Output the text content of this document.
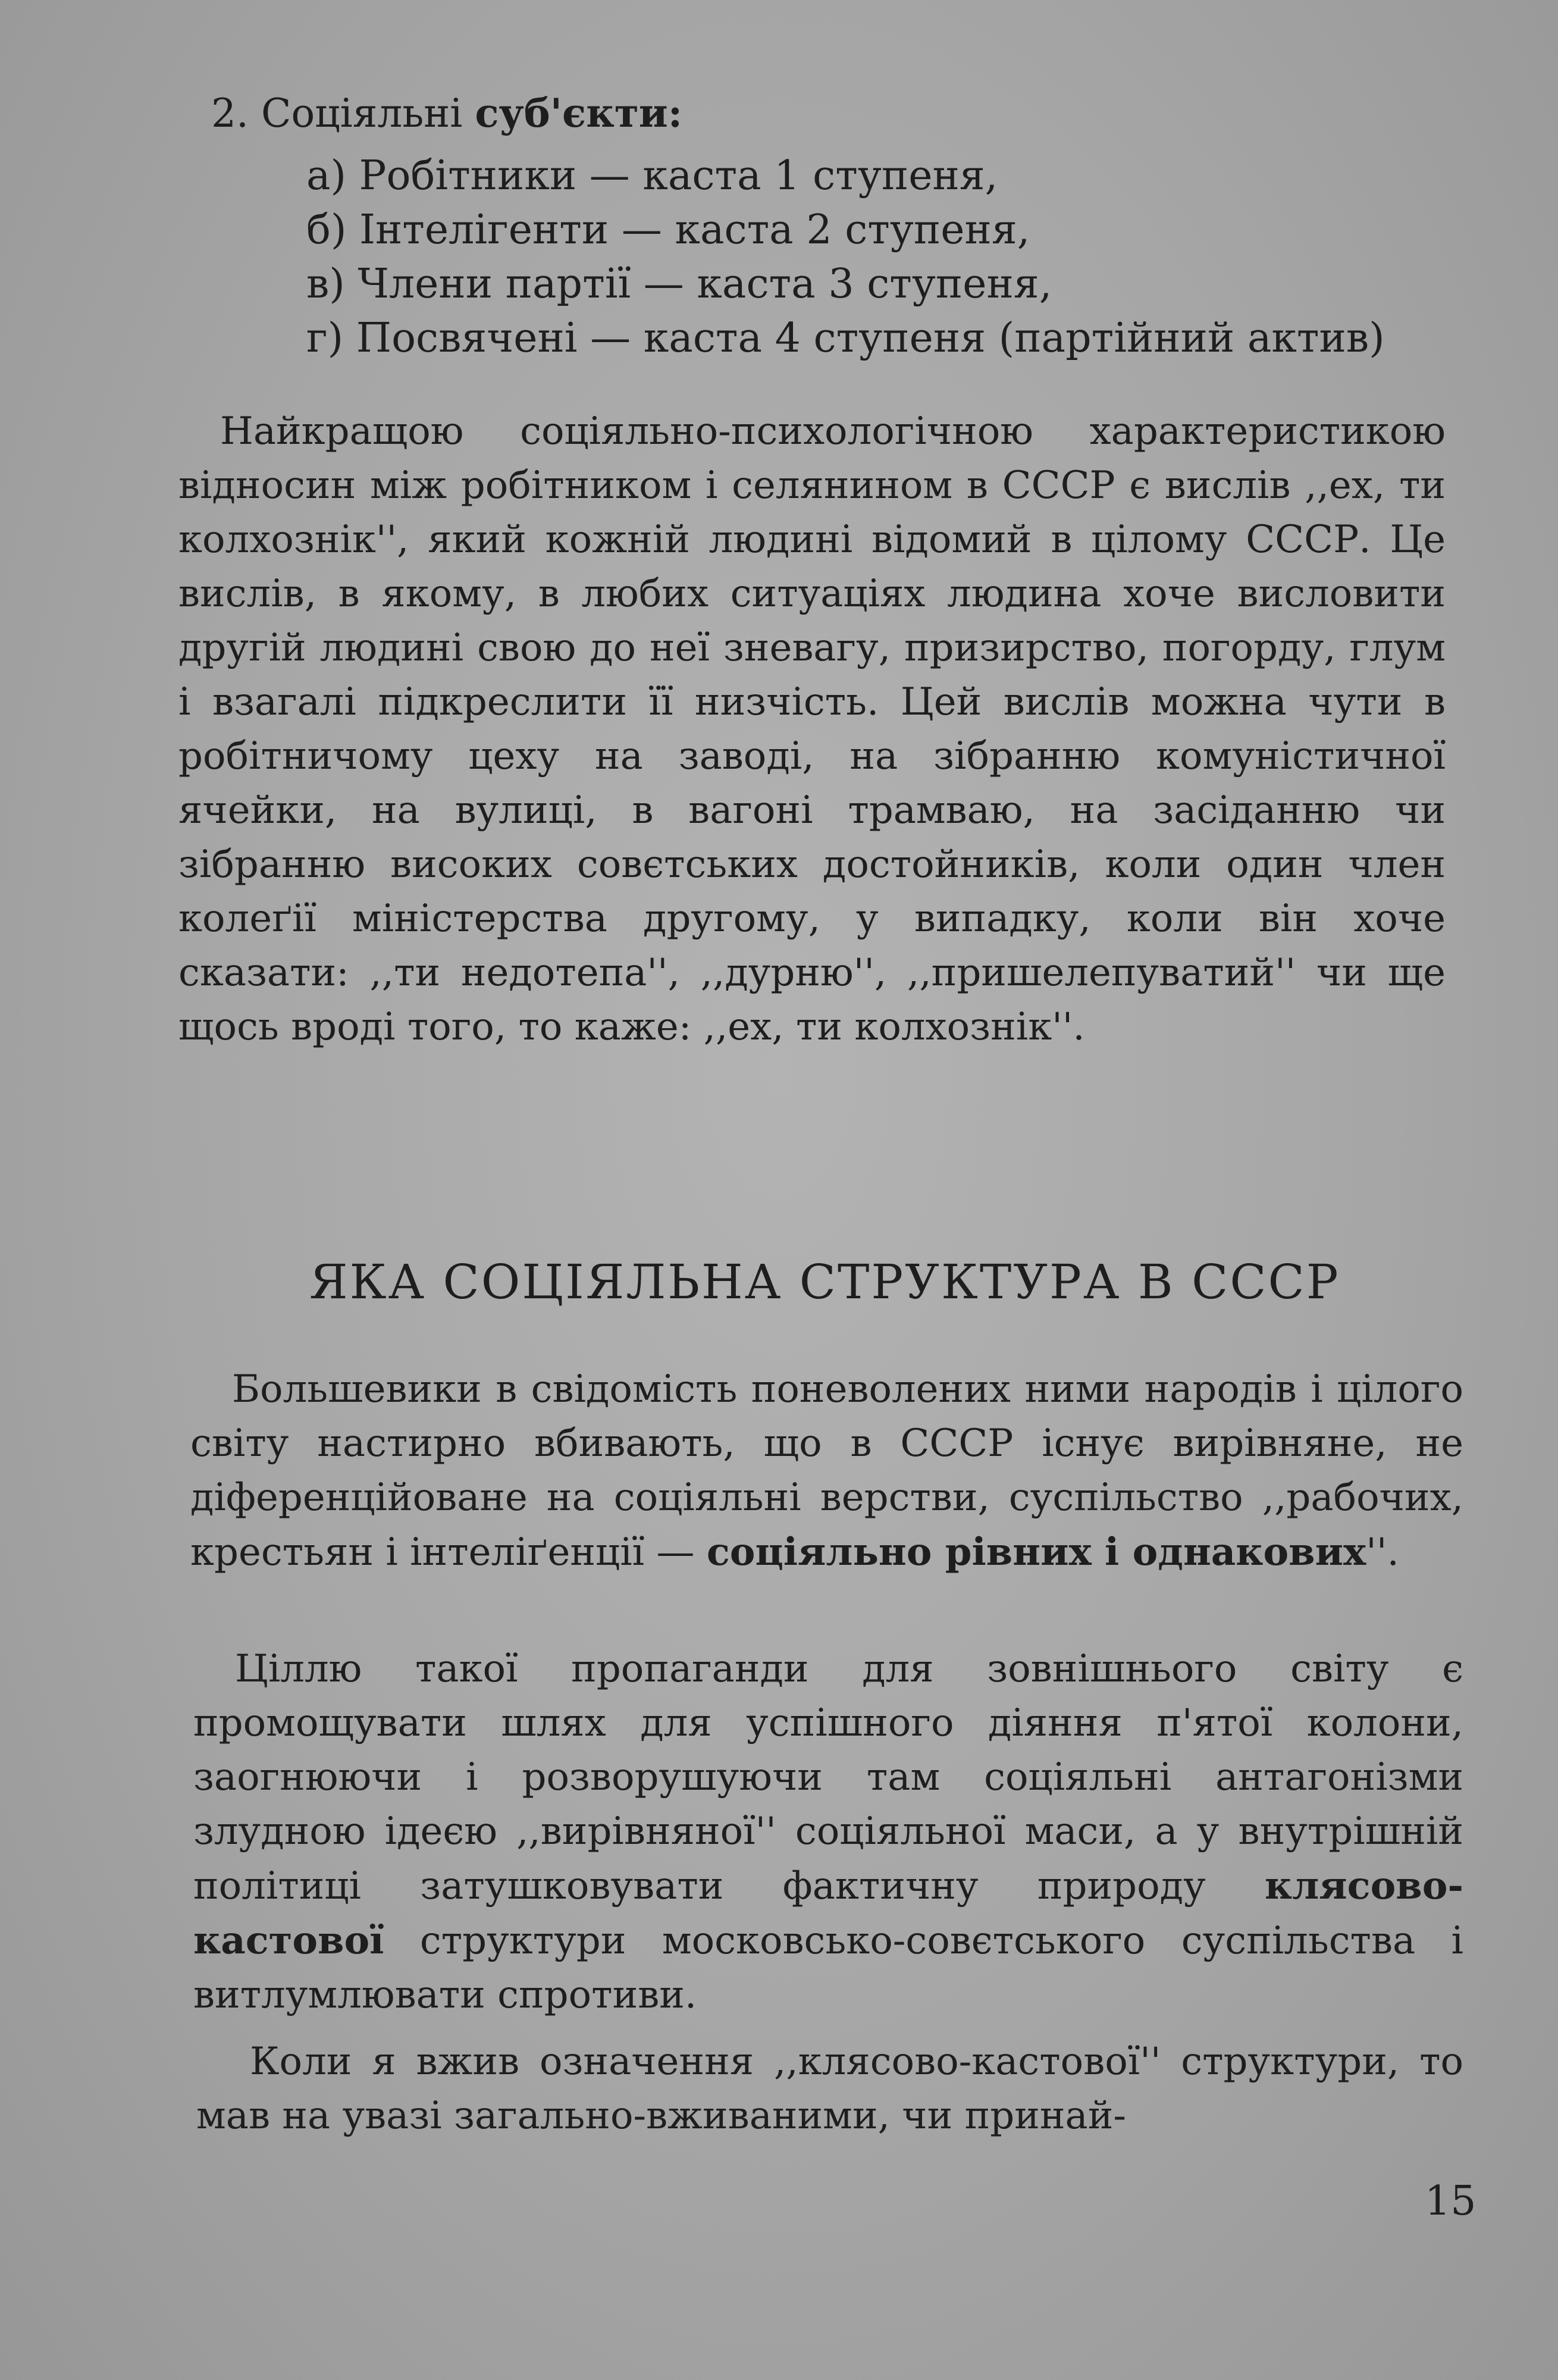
2. Соціяльні суб'єкти:
а) Робітники — каста 1 ступеня,
б) Інтелігенти — каста 2 ступеня,
в) Члени партії — каста 3 ступеня,
г) Посвячені — каста 4 ступеня (партійний актив)
Найкращою соціяльно-психологічною характеристикою відносин між робітником і селянином в СССР є вислів ,,ех, ти колхознік'', який кожній людині відомий в цілому СССР. Це вислів, в якому, в любих ситуаціях людина хоче висловити другій людині свою до неї зневагу, призирство, погорду, глум і взагалі підкреслити її низчість. Цей вислів можна чути в робітничому цеху на заводі, на зібранню комуністичної ячейки, на вулиці, в вагоні трамваю, на засіданню чи зібранню високих совєтських достойників, коли один член колеґії міністерства другому, у випадку, коли він хоче сказати: ,,ти недотепа'', ,,дурню'', ,,пришелепуватий'' чи ще щось вроді того, то каже: ,,ех, ти колхознік''.
ЯКА СОЦІЯЛЬНА СТРУКТУРА В СССР
Большевики в свідомість поневолених ними народів і цілого світу настирно вбивають, що в СССР існує вирівняне, не діференційоване на соціяльні верстви, суспільство ,,рабочих, крестьян і інтеліґенції — соціяльно рівних і однакових''.
Ціллю такої пропаганди для зовнішнього світу є промощувати шлях для успішного діяння п'ятої колони, заогнюючи і розворушуючи там соціяльні антагонізми злудною ідеєю ,,вирівняної'' соціяльної маси, а у внутрішній політиці затушковувати фактичну природу клясово-кастової структури московсько-совєтського суспільства і витлумлювати спротиви.
Коли я вжив означення ,,клясово-кастової'' структури, то мав на увазі загально-вживаними, чи принай-
15
